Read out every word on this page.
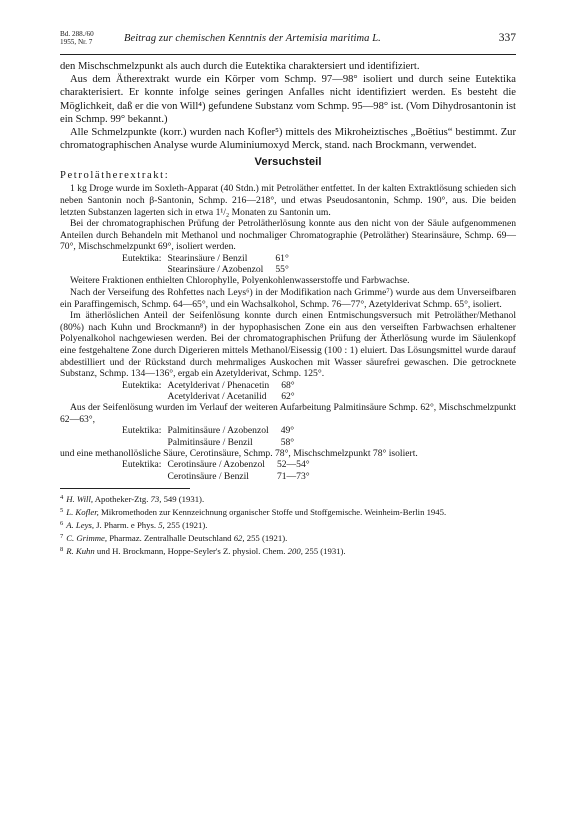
Bd. 288./60
1955, Nr. 7	Beitrag zur chemischen Kenntnis der Artemisia maritima L.	337

den Mischschmelzpunkt als auch durch die Eutektika charaktersiert und identifiziert.

Aus dem Ätherextrakt wurde ein Körper vom Schmp. 97—98° isoliert und durch seine Eutektika charakterisiert. Er konnte infolge seines geringen Anfalles nicht identifiziert werden. Es besteht die Möglichkeit, daß er die von Will⁴) gefundene Substanz vom Schmp. 95—98° ist. (Vom Dihydrosantonin ist ein Schmp. 99° bekannt.)

Alle Schmelzpunkte (korr.) wurden nach Kofler⁵) mittels des Mikroheiztisches „Boëtius“ bestimmt. Zur chromatographischen Analyse wurde Aluminiumoxyd Merck, stand. nach Brockmann, verwendet.

Versuchsteil
Petrolätherextrakt:

1 kg Droge wurde im Soxleth-Apparat (40 Stdn.) mit Petroläther entfettet. In der kalten Extraktlösung schieden sich neben Santonin noch β-Santonin, Schmp. 216—218°, und etwas Pseudosantonin, Schmp. 190°, aus. Die beiden letzten Substanzen lagerten sich in etwa 1¹/₂ Monaten zu Santonin um.

Bei der chromatographischen Prüfung der Petrolätherlösung konnte aus den nicht von der Säule aufgenommenen Anteilen durch Behandeln mit Methanol und nochmaliger Chromatographie (Petroläther) Stearinsäure, Schmp. 69—70°, Mischschmelzpunkt 69°, isoliert werden.

Eutektika:	Stearinsäure / Benzil	61°
	Stearinsäure / Azobenzol	55°

Weitere Fraktionen enthielten Chlorophylle, Polyenkohlenwasserstoffe und Farbwachse.

Nach der Verseifung des Rohfettes nach Leys⁶) in der Modifikation nach Grimme⁷) wurde aus dem Unverseifbaren ein Paraffingemisch, Schmp. 64—65°, und ein Wachsalkohol, Schmp. 76—77°, Azetylderivat Schmp. 65°, isoliert.

Im ätherlöslichen Anteil der Seifenlösung konnte durch einen Entmischungsversuch mit Petroläther/Methanol (80%) nach Kuhn und Brockmann⁸) in der hypophasischen Zone ein aus den verseiften Farbwachsen erhaltener Polyenalkohol nachgewiesen werden. Bei der chromatographischen Prüfung der Ätherlösung wurde im Säulenkopf eine festgehaltene Zone durch Digerieren mittels Methanol/Eisessig (100 : 1) eluiert. Das Lösungsmittel wurde darauf abdestilliert und der Rückstand durch mehrmaliges Auskochen mit Wasser säurefrei gewaschen. Die getrocknete Substanz, Schmp. 134—136°, ergab ein Azetylderivat, Schmp. 125°.

Eutektika:	Acetylderivat / Phenacetin	68°
	Acetylderivat / Acetanilid	62°

Aus der Seifenlösung wurden im Verlauf der weiteren Aufarbeitung Palmitinsäure Schmp. 62°, Mischschmelzpunkt 62—63°,

Eutektika:	Palmitinsäure / Azobenzol	49°
	Palmitinsäure / Benzil	58°

und eine methanollösliche Säure, Cerotinsäure, Schmp. 78°, Mischschmelzpunkt 78° isoliert.

Eutektika:	Cerotinsäure / Azobenzol	52—54°
	Cerotinsäure / Benzil	71—73°

$^4$ H. Will, Apotheker-Ztg. 73, 549 (1931).

$^5$ L. Kofler, Mikromethoden zur Kennzeichnung organischer Stoffe und Stoffgemische. Weinheim-Berlin 1945.

$^6$ A. Leys, J. Pharm. e Phys. 5, 255 (1921).

$^7$ C. Grimme, Pharmaz. Zentralhalle Deutschland 62, 255 (1921).

$^8$ R. Kuhn und H. Brockmann, Hoppe-Seyler's Z. physiol. Chem. 200, 255 (1931).
